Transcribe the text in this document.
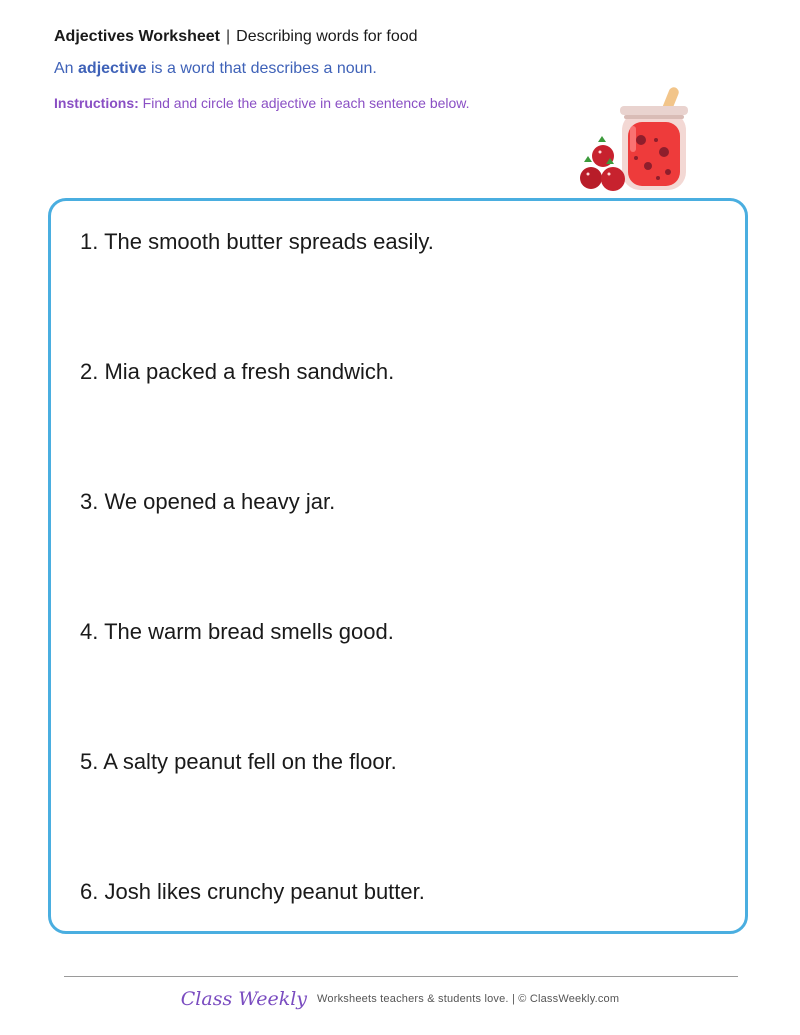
Adjectives Worksheet | Describing words for food
An adjective is a word that describes a noun.
Instructions: Find and circle the adjective in each sentence below.
1. The smooth butter spreads easily.
2. Mia packed a fresh sandwich.
3. We opened a heavy jar.
4. The warm bread smells good.
5. A salty peanut fell on the floor.
6. Josh likes crunchy peanut butter.
Class Weekly Worksheets teachers & students love. | © ClassWeekly.com
